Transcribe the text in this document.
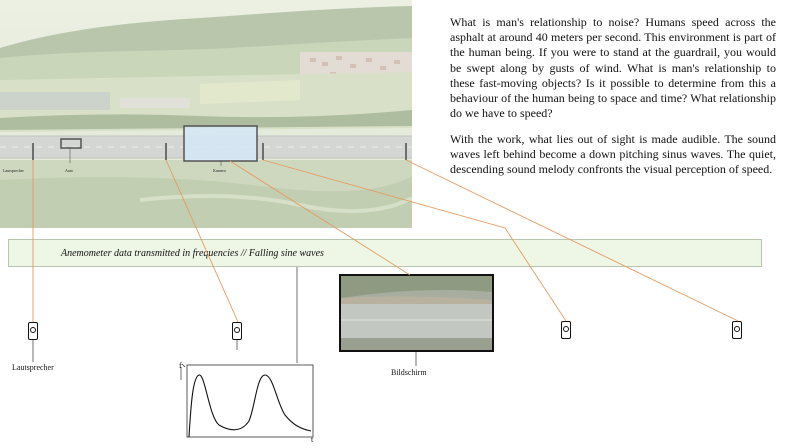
Lautsprecher	Auto	Kamera
What is man's relationship to noise? Humans speed across the asphalt at around 40 meters per second. This environment is part of the human being. If you were to stand at the guardrail, you would be swept along by gusts of wind. What is man's relationship to these fast-moving objects? Is it possible to determine from this a behaviour of the human being to space and time? What relationship do we have to speed?
With the work, what lies out of sight is made audible. The sound waves left behind become a down pitching sinus waves. The quiet, descending sound melody confronts the visual perception of speed.
Anemometer data transmitted in frequencies // Falling sine waves
Bildschirm
Lautsprecher	f
t
